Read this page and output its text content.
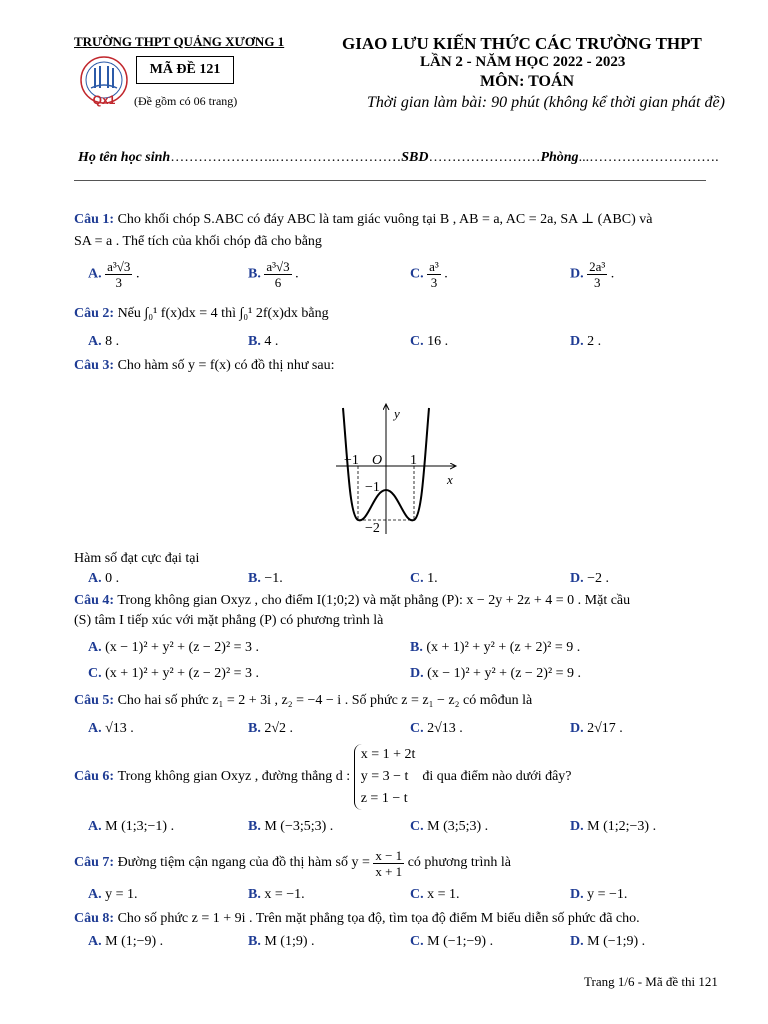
TRƯỜNG THPT QUẢNG XƯƠNG 1
Qx1
MÃ ĐỀ 121
(Đề gồm có 06 trang)
GIAO LƯU KIẾN THỨC CÁC TRƯỜNG THPT
LẦN 2 - NĂM HỌC 2022 - 2023
MÔN: TOÁN
Thời gian làm bài: 90 phút (không kể thời gian phát đề)
Họ tên học sinh…………………..………………………SBD……………………Phòng...……………………….
Câu 1: Cho khối chóp S.ABC có đáy ABC là tam giác vuông tại B , AB = a, AC = 2a, SA ⊥ (ABC) và
SA = a . Thể tích của khối chóp đã cho bằng
A. $\frac{\text{a³√3}}{3}$ .	B. $\frac{\text{a³√3}}{6}$ .	C. $\frac{\text{a³}}{3}$ .	D. $\frac{\text{2a³}}{3}$ .
Câu 2: Nếu ∫₀¹ f(x)dx = 4 thì ∫₀¹ 2f(x)dx bằng
A. 8 .	B. 4 .	C. 16 .	D. 2 .
Câu 3: Cho hàm số y = f(x) có đồ thị như sau:
y
x
O
−1	1
−1
−2
Hàm số đạt cực đại tại
A. 0 .	B. −1.	C. 1.	D. −2 .
Câu 4: Trong không gian Oxyz , cho điểm I(1;0;2) và mặt phẳng (P): x − 2y + 2z + 4 = 0 . Mặt cầu
(S) tâm I tiếp xúc với mặt phẳng (P) có phương trình là
A. (x − 1)² + y² + (z − 2)² = 3 .	B. (x + 1)² + y² + (z + 2)² = 9 .
C. (x + 1)² + y² + (z − 2)² = 3 .	D. (x − 1)² + y² + (z − 2)² = 9 .
Câu 5: Cho hai số phức z₁ = 2 + 3i , z₂ = −4 − i . Số phức z = z₁ − z₂ có môđun là
A. √13 .	B. 2√2 .	C. 2√13 .	D. 2√17 .
Câu 6:
Trong không gian Oxyz , đường thẳng d :

x = 1 + 2t
y = 3 − t
z = 1 − t

đi qua điểm nào dưới đây?
A. M (1;3;−1) .	B. M (−3;5;3) .	C. M (3;5;3) .	D. M (1;2;−3) .
Câu 7:
Đường tiệm cận ngang của đồ thị hàm số y =
$\frac{x - 1}{x + 1}$
có phương trình là
A. y = 1.	B. x = −1.	C. x = 1.	D. y = −1.
Câu 8: Cho số phức z = 1 + 9i . Trên mặt phẳng tọa độ, tìm tọa độ điểm M biểu diễn số phức đã cho.
A. M (1;−9) .	B. M (1;9) .	C. M (−1;−9) .	D. M (−1;9) .
Trang 1/6 - Mã đề thi 121
